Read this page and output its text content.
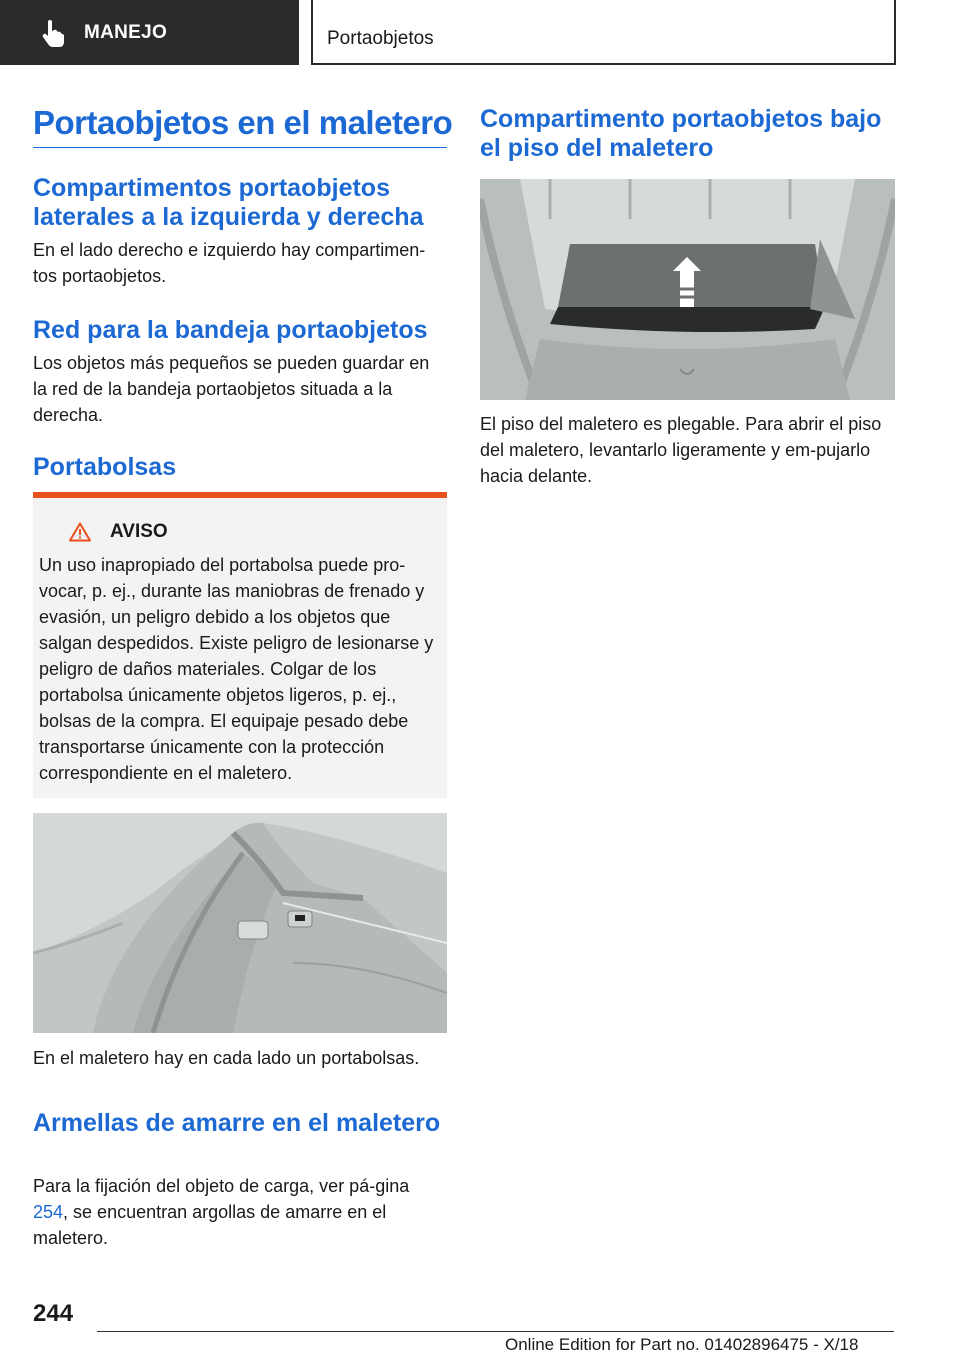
MANEJO	Portaobjetos
Portaobjetos en el maletero
Compartimentos portaobjetos laterales a la izquierda y derecha
En el lado derecho e izquierdo hay compartimen-tos portaobjetos.
Red para la bandeja portaobjetos
Los objetos más pequeños se pueden guardar en la red de la bandeja portaobjetos situada a la derecha.
Portabolsas
AVISO
Un uso inapropiado del portabolsa puede pro-vocar, p. ej., durante las maniobras de frenado y evasión, un peligro debido a los objetos que salgan despedidos. Existe peligro de lesionarse y peligro de daños materiales. Colgar de los portabolsa únicamente objetos ligeros, p. ej., bolsas de la compra. El equipaje pesado debe transportarse únicamente con la protección correspondiente en el maletero.
En el maletero hay en cada lado un portabolsas.
Armellas de amarre en el maletero
Para la fijación del objeto de carga, ver pá-gina 254, se encuentran argollas de amarre en el maletero.
Compartimento portaobjetos bajo el piso del maletero
El piso del maletero es plegable. Para abrir el piso del maletero, levantarlo ligeramente y em-pujarlo hacia delante.
244
Online Edition for Part no. 01402896475 - X/18
